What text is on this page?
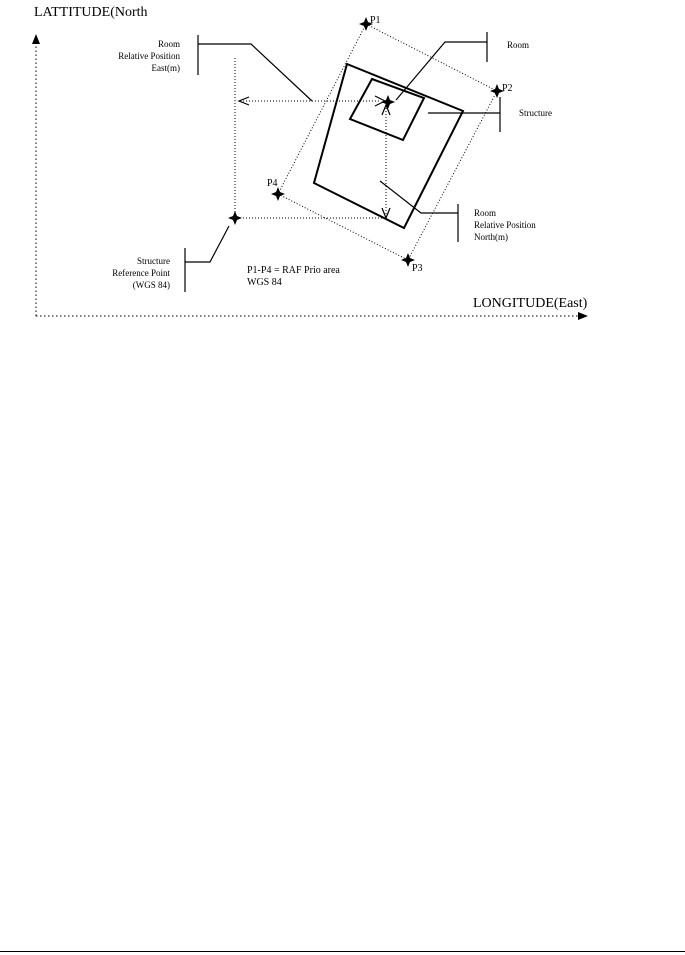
LATTITUDE(North
LONGITUDE(East)
P1
P2
P3
P4
Room
Relative Position
East(m)
Room
Structure
Room
Relative Position
North(m)
Structure
Reference Point
(WGS 84)
P1-P4 = RAF Prio area
WGS 84
